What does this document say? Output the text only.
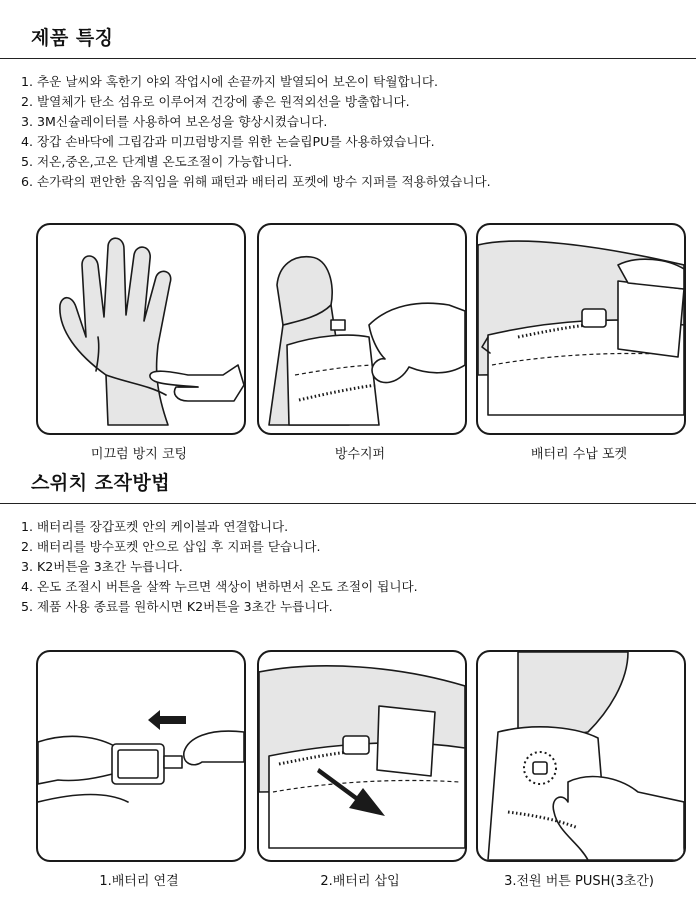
제품 특징
1. 추운 날씨와 혹한기 야외 작업시에 손끝까지 발열되어 보온이 탁월합니다.
2. 발열체가 탄소 섬유로 이루어져 건강에 좋은 원적외선을 방출합니다.
3. 3M신슐레이터를 사용하여 보온성을 향상시켰습니다.
4. 장갑 손바닥에 그립감과 미끄럼방지를 위한 논슬립PU를 사용하였습니다.
5. 저온,중온,고온 단계별 온도조절이 가능합니다.
6. 손가락의 편안한 움직임을 위해 패턴과 배터리 포켓에 방수 지퍼를 적용하였습니다.
미끄럼 방지 코팅	방수지퍼	배터리 수납 포켓
스위치 조작방법
1. 배터리를 장갑포켓 안의 케이블과 연결합니다.
2. 배터리를 방수포켓 안으로 삽입 후 지퍼를 닫습니다.
3. K2버튼을 3초간 누릅니다.
4. 온도 조절시 버튼을 살짝 누르면 색상이 변하면서 온도 조절이 됩니다.
5. 제품 사용 종료를 원하시면 K2버튼을 3초간 누릅니다.
1.배터리 연결	2.배터리 삽입	3.전원 버튼 PUSH(3초간)
